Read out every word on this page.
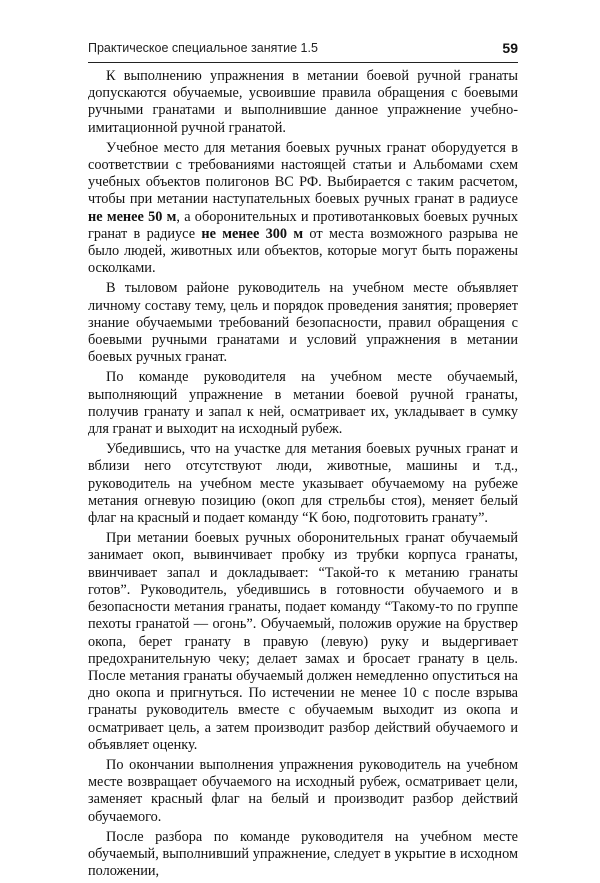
Практическое специальное занятие 1.5	59

К выполнению упражнения в метании боевой ручной гранаты допускаются обучаемые, усвоившие правила обращения с боевыми ручными гранатами и выполнившие данное упражнение учебно-имитационной ручной гранатой.

Учебное место для метания боевых ручных гранат оборудуется в соответствии с требованиями настоящей статьи и Альбомами схем учебных объектов полигонов ВС РФ. Выбирается с таким расчетом, чтобы при метании наступательных боевых ручных гранат в радиусе не менее 50 м, а оборонительных и противотанковых боевых ручных гранат в радиусе не менее 300 м от места возможного разрыва не было людей, животных или объектов, которые могут быть поражены осколками.

В тыловом районе руководитель на учебном месте объявляет личному составу тему, цель и порядок проведения занятия; проверяет знание обучаемыми требований безопасности, правил обращения с боевыми ручными гранатами и условий упражнения в метании боевых ручных гранат.

По команде руководителя на учебном месте обучаемый, выполняющий упражнение в метании боевой ручной гранаты, получив гранату и запал к ней, осматривает их, укладывает в сумку для гранат и выходит на исходный рубеж.

Убедившись, что на участке для метания боевых ручных гранат и вблизи него отсутствуют люди, животные, машины и т.д., руководитель на учебном месте указывает обучаемому на рубеже метания огневую позицию (окоп для стрельбы стоя), меняет белый флаг на красный и подает команду “К бою, подготовить гранату”.

При метании боевых ручных оборонительных гранат обучаемый занимает окоп, вывинчивает пробку из трубки корпуса гранаты, ввинчивает запал и докладывает: “Такой-то к метанию гранаты готов”. Руководитель, убедившись в готовности обучаемого и в безопасности метания гранаты, подает команду “Такому-то по группе пехоты гранатой — огонь”. Обучаемый, положив оружие на бруствер окопа, берет гранату в правую (левую) руку и выдергивает предохранительную чеку; делает замах и бросает гранату в цель. После метания гранаты обучаемый должен немедленно опуститься на дно окопа и пригнуться. По истечении не менее 10 с после взрыва гранаты руководитель вместе с обучаемым выходит из окопа и осматривает цель, а затем производит разбор действий обучаемого и объявляет оценку.

По окончании выполнения упражнения руководитель на учебном месте возвращает обучаемого на исходный рубеж, осматривает цели, заменяет красный флаг на белый и производит разбор действий обучаемого.

После разбора по команде руководителя на учебном месте обучаемый, выполнивший упражнение, следует в укрытие в исходном положении,
